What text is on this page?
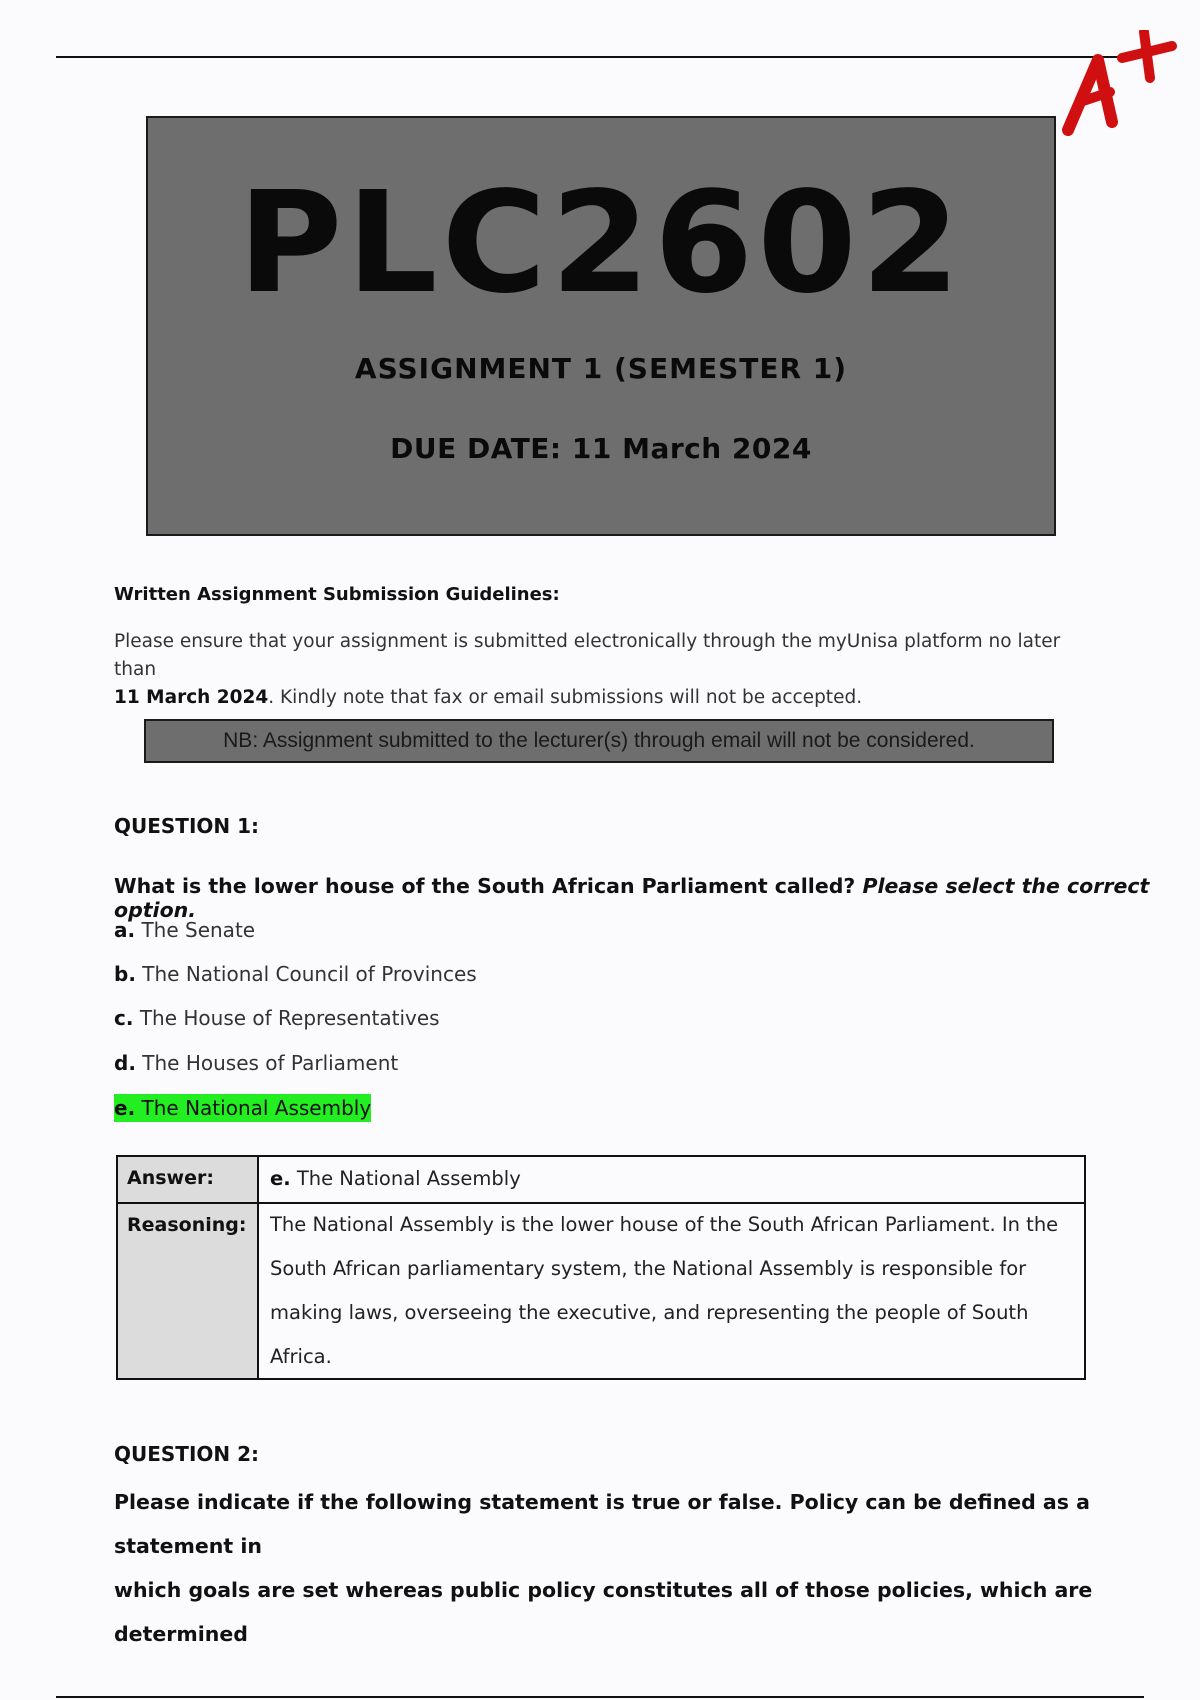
PLC2602
ASSIGNMENT 1 (SEMESTER 1)
DUE DATE: 11 March 2024
Written Assignment Submission Guidelines:
Please ensure that your assignment is submitted electronically through the myUnisa platform no later than
11 March 2024. Kindly note that fax or email submissions will not be accepted.
NB: Assignment submitted to the lecturer(s) through email will not be considered.
QUESTION 1:
What is the lower house of the South African Parliament called? Please select the correct option.
a. The Senate
b. The National Council of Provinces
c. The House of Representatives
d. The Houses of Parliament
e. The National Assembly
Answer:	e. The National Assembly
Reasoning: The National Assembly is the lower house of the South African Parliament. In the
South African parliamentary system, the National Assembly is responsible for
making laws, overseeing the executive, and representing the people of South
Africa.
QUESTION 2:
Please indicate if the following statement is true or false. Policy can be defined as a statement in
which goals are set whereas public policy constitutes all of those policies, which are determined
